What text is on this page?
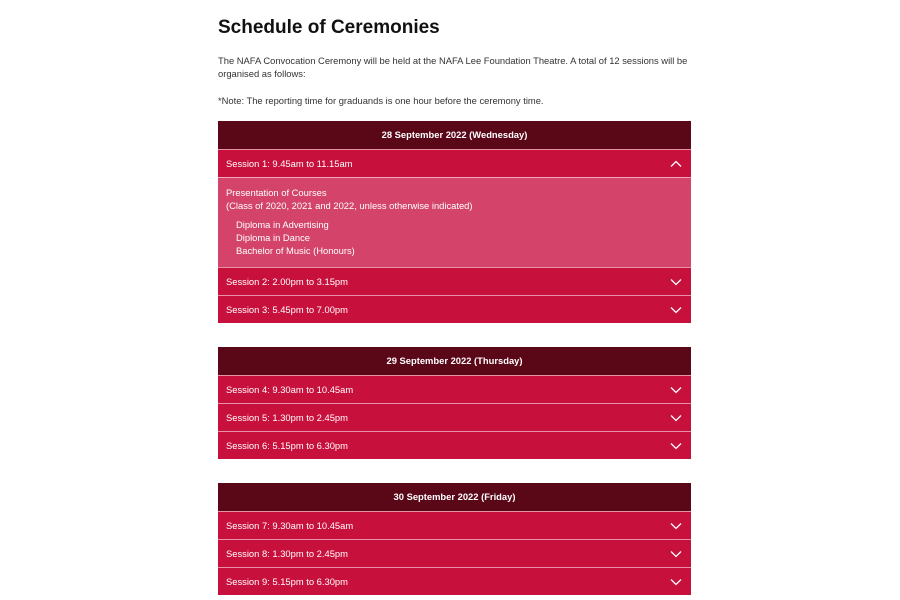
Schedule of Ceremonies

The NAFA Convocation Ceremony will be held at the NAFA Lee Foundation Theatre. A total of 12 sessions will be organised as follows:

*Note: The reporting time for graduands is one hour before the ceremony time.

28 September 2022 (Wednesday)
Session 1: 9.45am to 11.15am
Presentation of Courses
(Class of 2020, 2021 and 2022, unless otherwise indicated)
Diploma in Advertising
Diploma in Dance
Bachelor of Music (Honours)
Session 2: 2.00pm to 3.15pm
Session 3: 5.45pm to 7.00pm
29 September 2022 (Thursday)
Session 4: 9.30am to 10.45am
Session 5: 1.30pm to 2.45pm
Session 6: 5.15pm to 6.30pm
30 September 2022 (Friday)
Session 7: 9.30am to 10.45am
Session 8: 1.30pm to 2.45pm
Session 9: 5.15pm to 6.30pm
